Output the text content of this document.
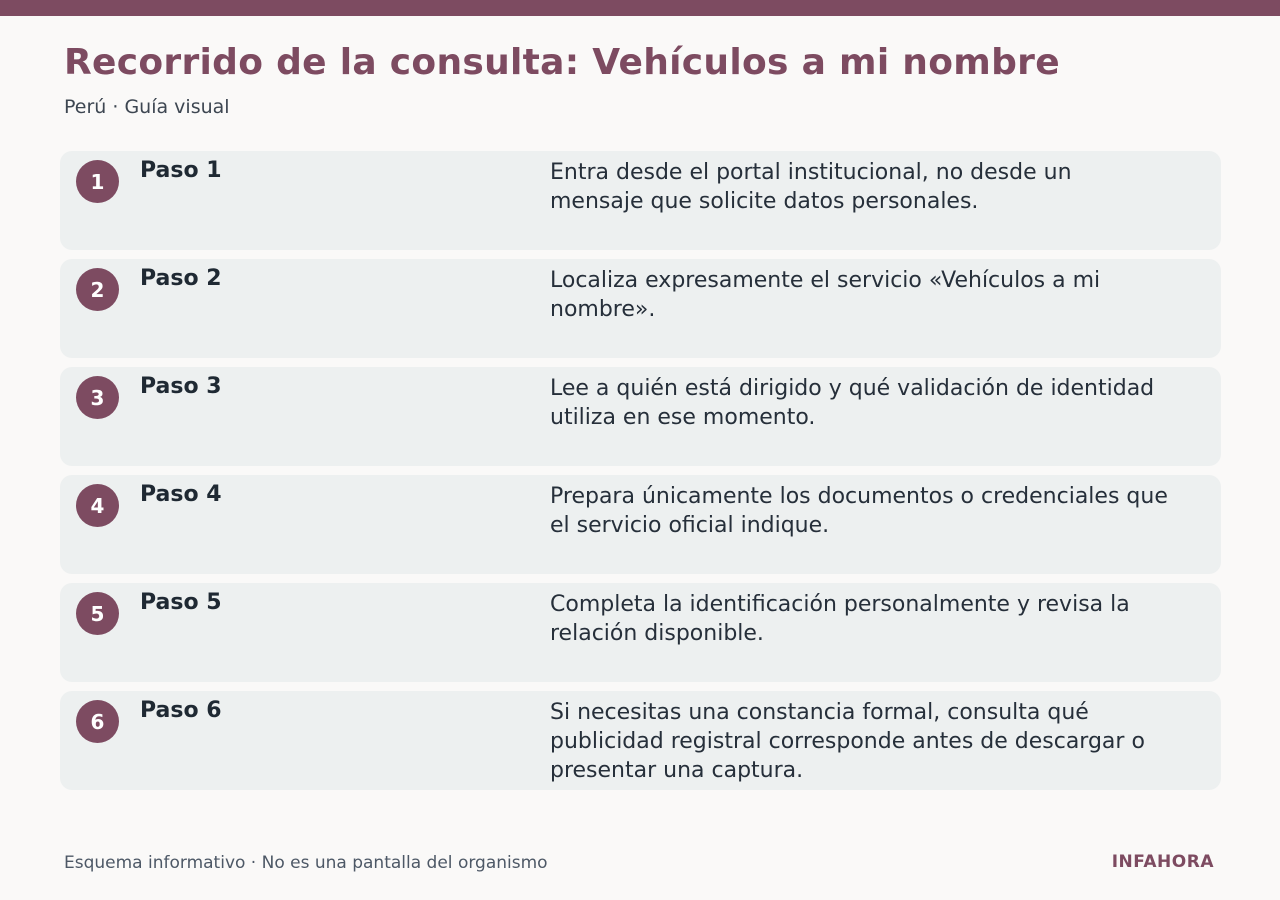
Recorrido de la consulta: Vehículos a mi nombre
Perú · Guía visual
1	Paso 1	Entra desde el portal institucional, no desde un mensaje que solicite datos personales.
2	Paso 2	Localiza expresamente el servicio «Vehículos a mi nombre».
3	Paso 3	Lee a quién está dirigido y qué validación de identidad utiliza en ese momento.
4	Paso 4	Prepara únicamente los documentos o credenciales que el servicio oficial indique.
5	Paso 5	Completa la identificación personalmente y revisa la relación disponible.
6	Paso 6	Si necesitas una constancia formal, consulta qué publicidad registral corresponde antes de descargar o presentar una captura.
Esquema informativo · No es una pantalla del organismo	INFAHORA
